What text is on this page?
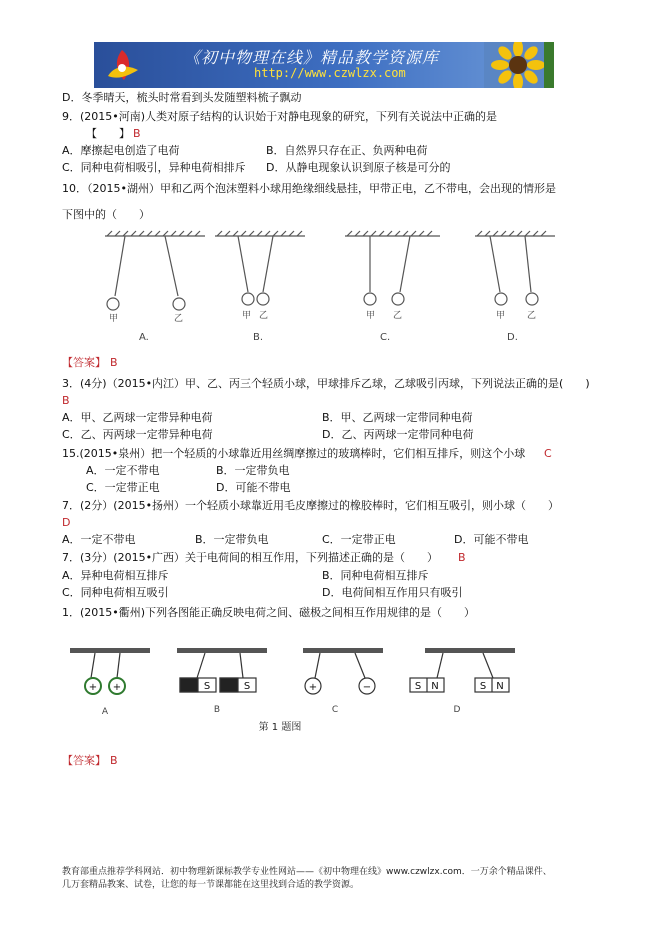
《初中物理在线》精品教学资源库
http://www.czwlzx.com
D．冬季晴天，梳头时常看到头发随塑料梳子飘动
9．(2015•河南)人类对原子结构的认识始于对静电现象的研究，下列有关说法中正确的是
【　　】 B
A．摩擦起电创造了电荷	B．自然界只存在正、负两种电荷
C．同种电荷相吸引，异种电荷相排斥 D．从静电现象认识到原子核是可分的
10．（2015•湖州）甲和乙两个泡沫塑料小球用绝缘细线悬挂，甲带正电，乙不带电，会出现的情形是
下图中的（　　）
甲	乙	甲 乙	甲 乙	甲 乙
A.	B.	C.	D.
【答案】 B
3．(4分)（2015•内江）甲、乙、丙三个轻质小球，甲球排斥乙球，乙球吸引丙球，下列说法正确的是(　　)
B
A．甲、乙两球一定带异种电荷	B．甲、乙两球一定带同种电荷
C．乙、丙两球一定带异种电荷	D．乙、丙两球一定带同种电荷
15.(2015•泉州）把一个轻质的小球靠近用丝绸摩擦过的玻璃棒时，它们相互排斥，则这个小球 C
A．一定不带电	B．一定带负电
C．一定带正电	D．可能不带电
7．(2分）(2015•扬州）一个轻质小球靠近用毛皮摩擦过的橡胶棒时，它们相互吸引，则小球（　　）
D
A．一定不带电	B．一定带负电	C．一定带正电	D．可能不带电
7．(3分）(2015•广西）关于电荷间的相互作用，下列描述正确的是（　　） B
A．异种电荷相互排斥	B．同种电荷相互排斥
C．同种电荷相互吸引	D．电荷间相互作用只有吸引
1．(2015•衢州)下列各图能正确反映电荷之间、磁极之间相互作用规律的是（　　）
+ +	S	S	+	−	S N	S N
A	B	C	D
第 1 题图
【答案】 B
教育部重点推荐学科网站．初中物理新课标教学专业性网站——《初中物理在线》www.czwlzx.com．一万余个精品课件、
几万套精品教案、试卷，让您的每一节课都能在这里找到合适的教学资源。
